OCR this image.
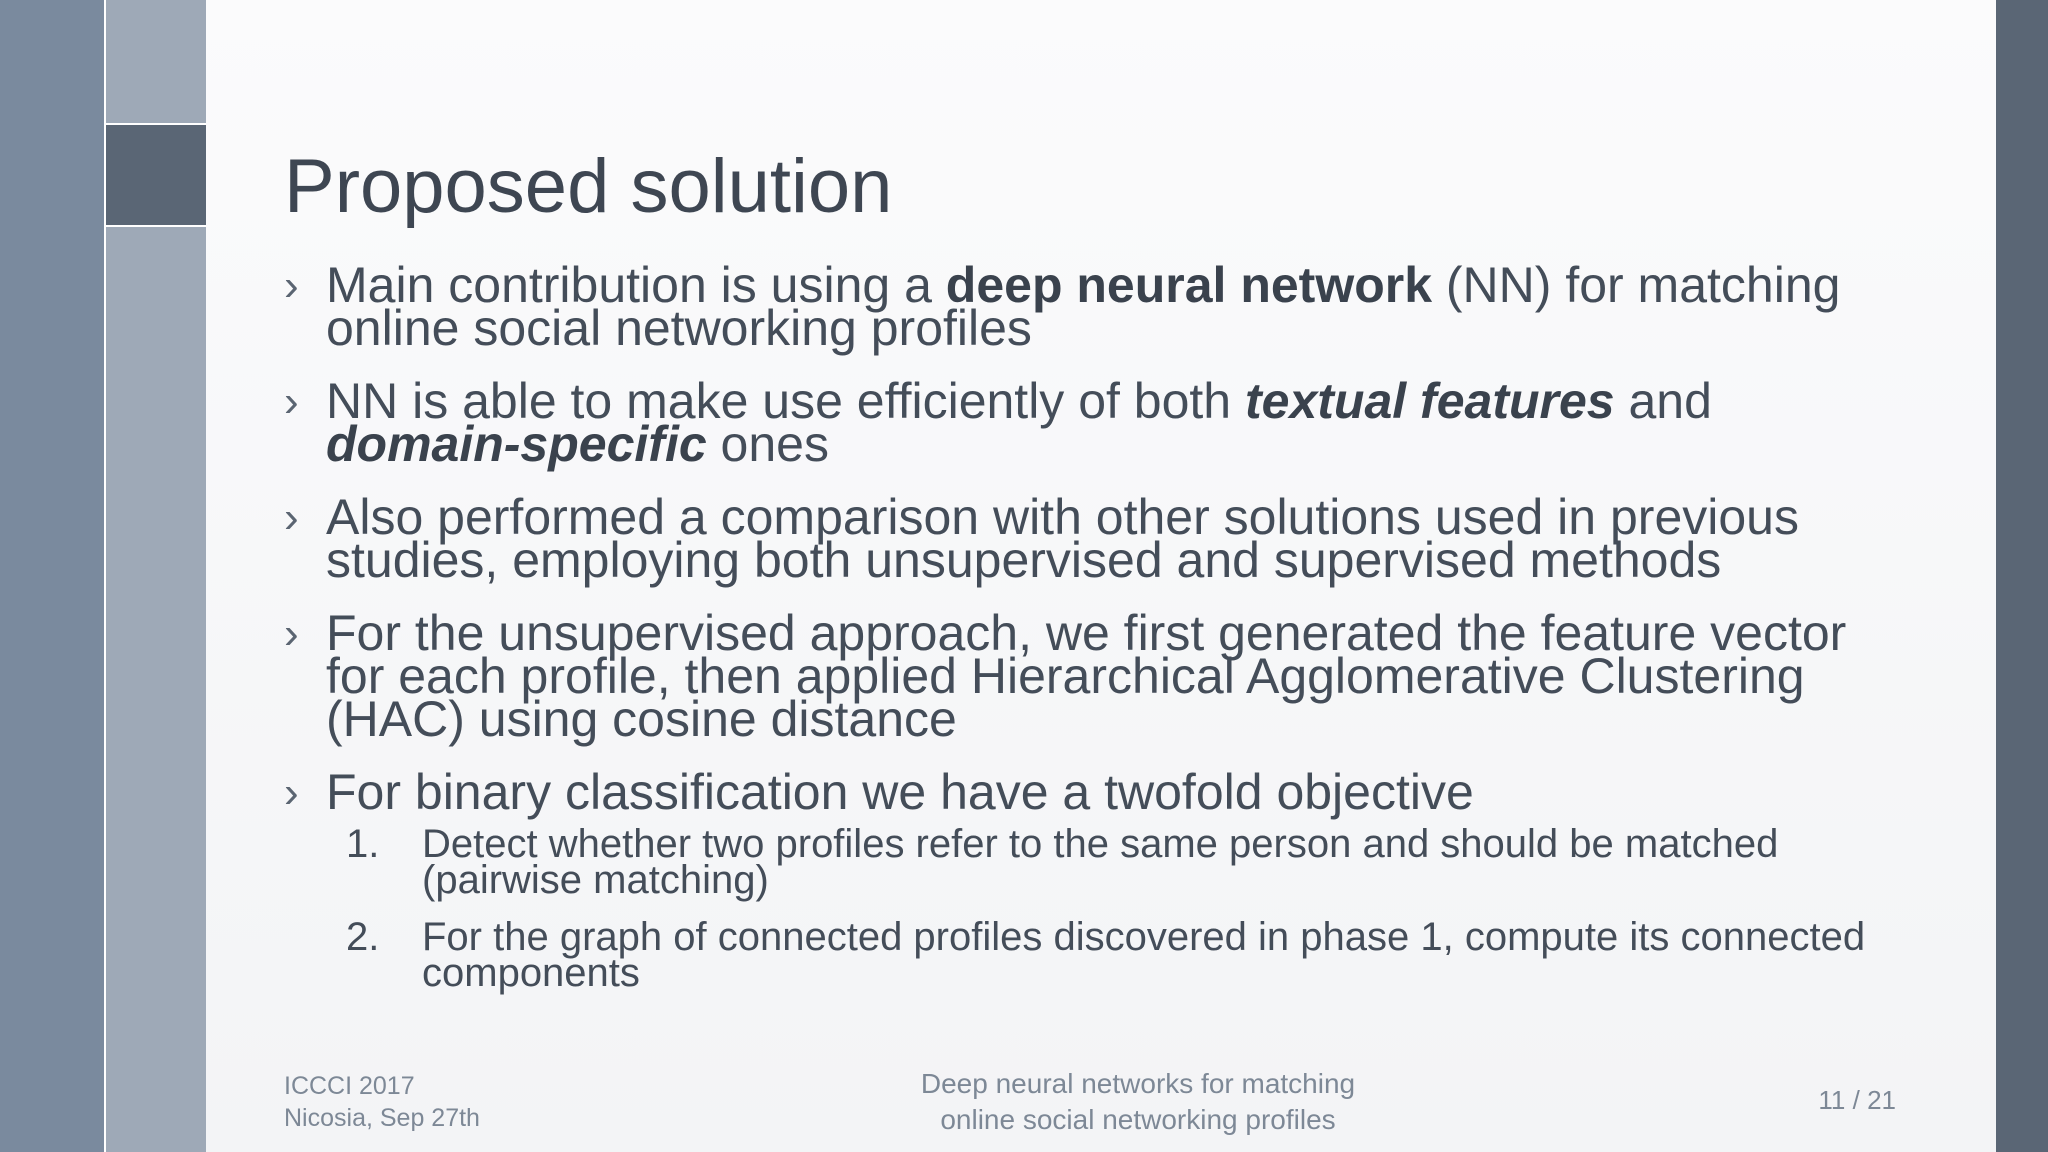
Proposed solution
› Main contribution is using a deep neural network (NN) for matching online social networking profiles
› NN is able to make use efficiently of both textual features and domain-specific ones
› Also performed a comparison with other solutions used in previous studies, employing both unsupervised and supervised methods
› For the unsupervised approach, we first generated the feature vector for each profile, then applied Hierarchical Agglomerative Clustering (HAC) using cosine distance
› For binary classification we have a twofold objective
1. Detect whether two profiles refer to the same person and should be matched (pairwise matching)
2. For the graph of connected profiles discovered in phase 1, compute its connected components
ICCCI 2017
Nicosia, Sep 27th
Deep neural networks for matching
online social networking profiles
11 / 21
